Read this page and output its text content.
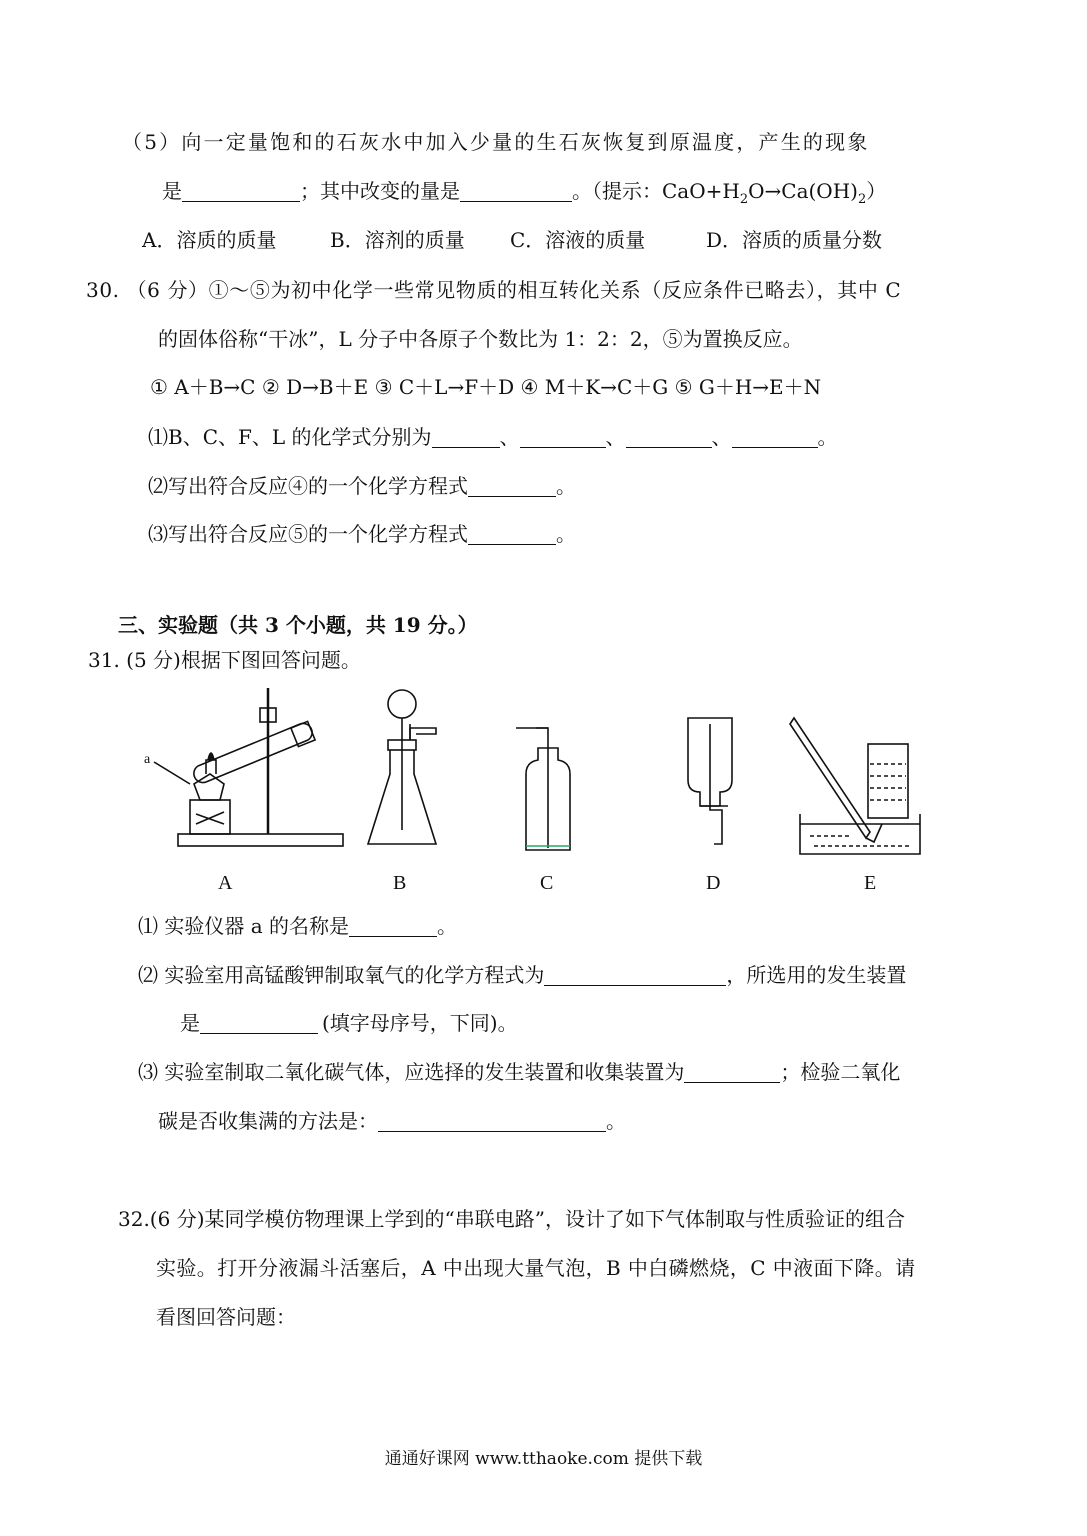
（5）向一定量饱和的石灰水中加入少量的生石灰恢复到原温度，产生的现象
是	；其中改变的量是	。（提示：$CaO+H_2O\to Ca(OH)_2$）
A．溶质的质量	B．溶剂的质量 C．溶液的质量	D．溶质的质量分数
30. （6 分）①～⑤为初中化学一些常见物质的相互转化关系（反应条件已略去），其中 C
的固体俗称“干冰”，L 分子中各原子个数比为 1：2：2，⑤为置换反应。
① A＋B→C ② D→B＋E ③ C＋L→F＋D ④ M＋K→C＋G ⑤ G＋H→E＋N
⑴B、C、F、L 的化学式分别为	、	、	、	。
⑵写出符合反应④的一个化学方程式	。
⑶写出符合反应⑤的一个化学方程式	。
三、实验题（共 3 个小题，共 19 分。）
31. (5 分)根据下图回答问题。
a
A	B	C	D	E
⑴ 实验仪器 a 的名称是	。
⑵ 实验室用高锰酸钾制取氧气的化学方程式为	，所选用的发生装置
是	(填字母序号，下同)。
⑶ 实验室制取二氧化碳气体，应选择的发生装置和收集装置为	；检验二氧化
碳是否收集满的方法是：	。
32.(6 分)某同学模仿物理课上学到的“串联电路”，设计了如下气体制取与性质验证的组合
实验。打开分液漏斗活塞后，A 中出现大量气泡，B 中白磷燃烧，C 中液面下降。请
看图回答问题：
通通好课网 www.tthaoke.com 提供下载
